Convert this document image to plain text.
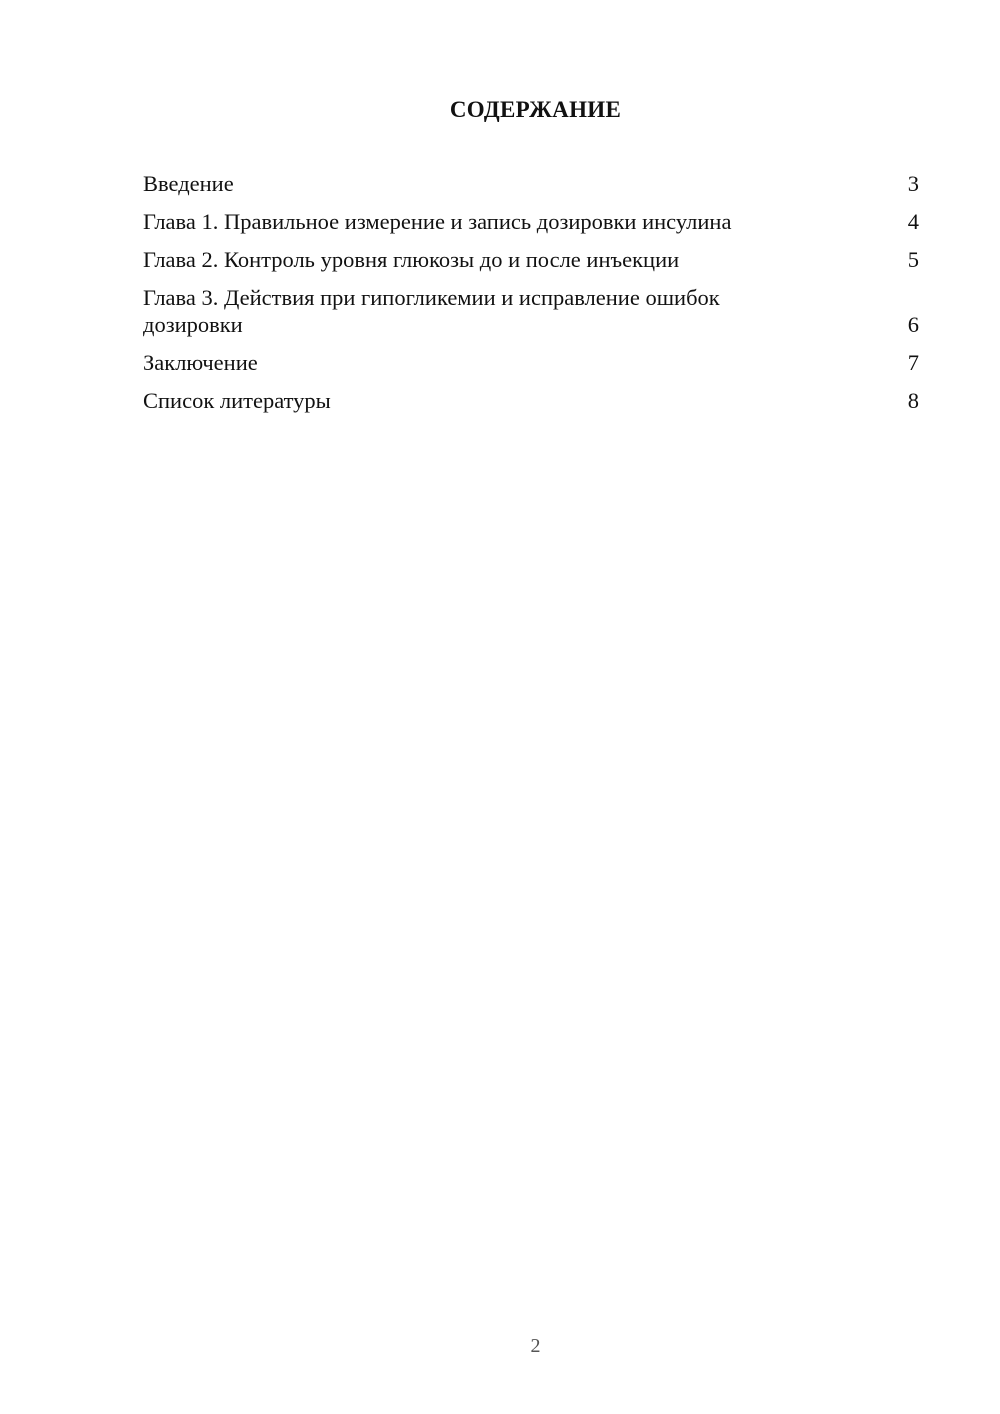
СОДЕРЖАНИЕ
Введение	3
Глава 1. Правильное измерение и запись дозировки инсулина	4
Глава 2. Контроль уровня глюкозы до и после инъекции	5
Глава 3. Действия при гипогликемии и исправление ошибок дозировки	6
Заключение	7
Список литературы	8
2
